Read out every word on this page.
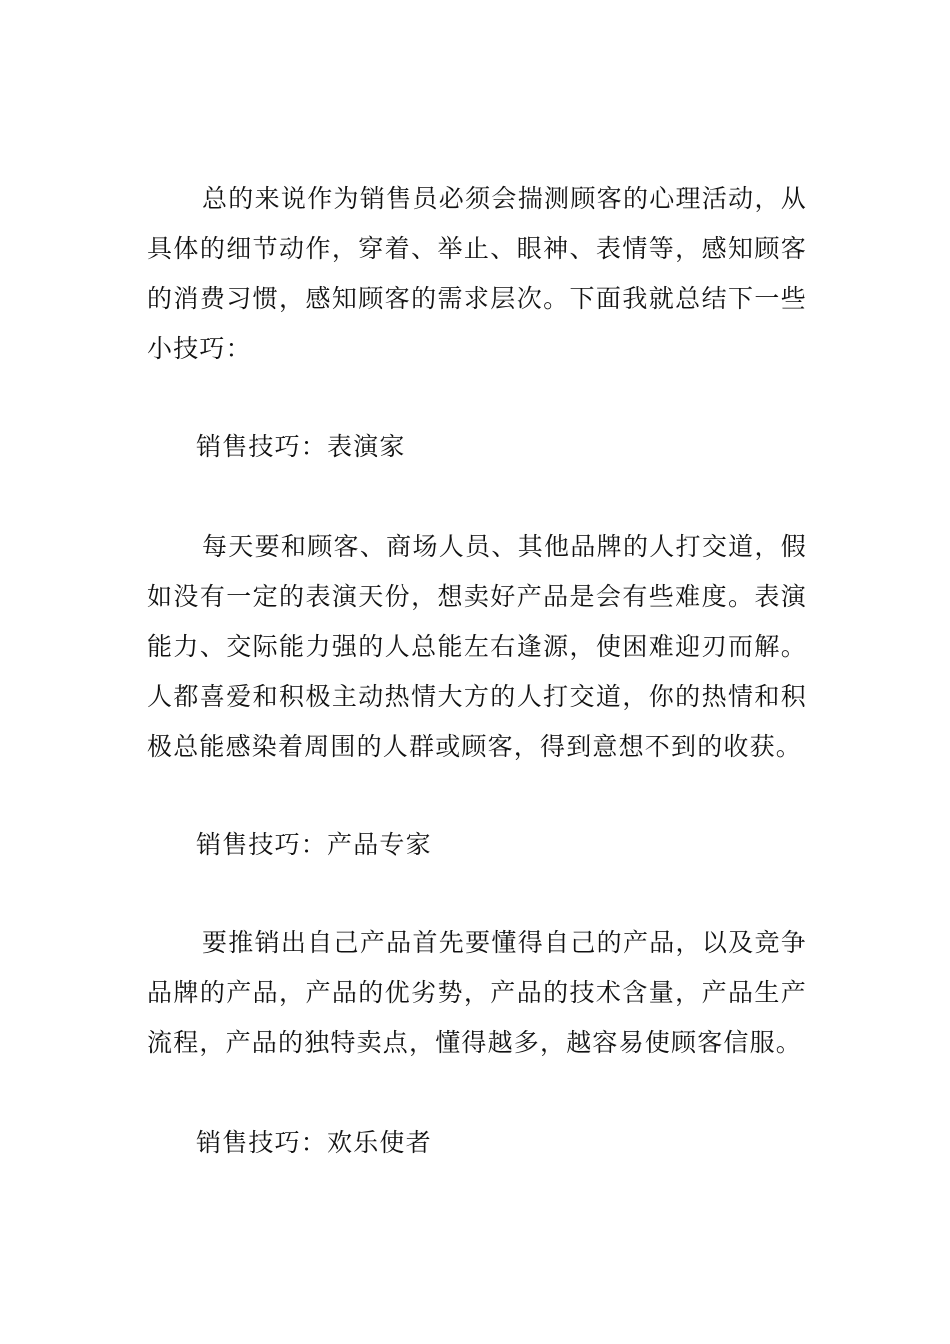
总的来说作为销售员必须会揣测顾客的心理活动，从具体的细节动作，穿着、举止、眼神、表情等，感知顾客的消费习惯，感知顾客的需求层次。下面我就总结下一些小技巧：

销售技巧：表演家

每天要和顾客、商场人员、其他品牌的人打交道，假如没有一定的表演天份，想卖好产品是会有些难度。表演能力、交际能力强的人总能左右逢源，使困难迎刃而解。人都喜爱和积极主动热情大方的人打交道，你的热情和积极总能感染着周围的人群或顾客，得到意想不到的收获。

销售技巧：产品专家

要推销出自己产品首先要懂得自己的产品，以及竞争品牌的产品，产品的优劣势，产品的技术含量，产品生产流程，产品的独特卖点，懂得越多，越容易使顾客信服。

销售技巧：欢乐使者
